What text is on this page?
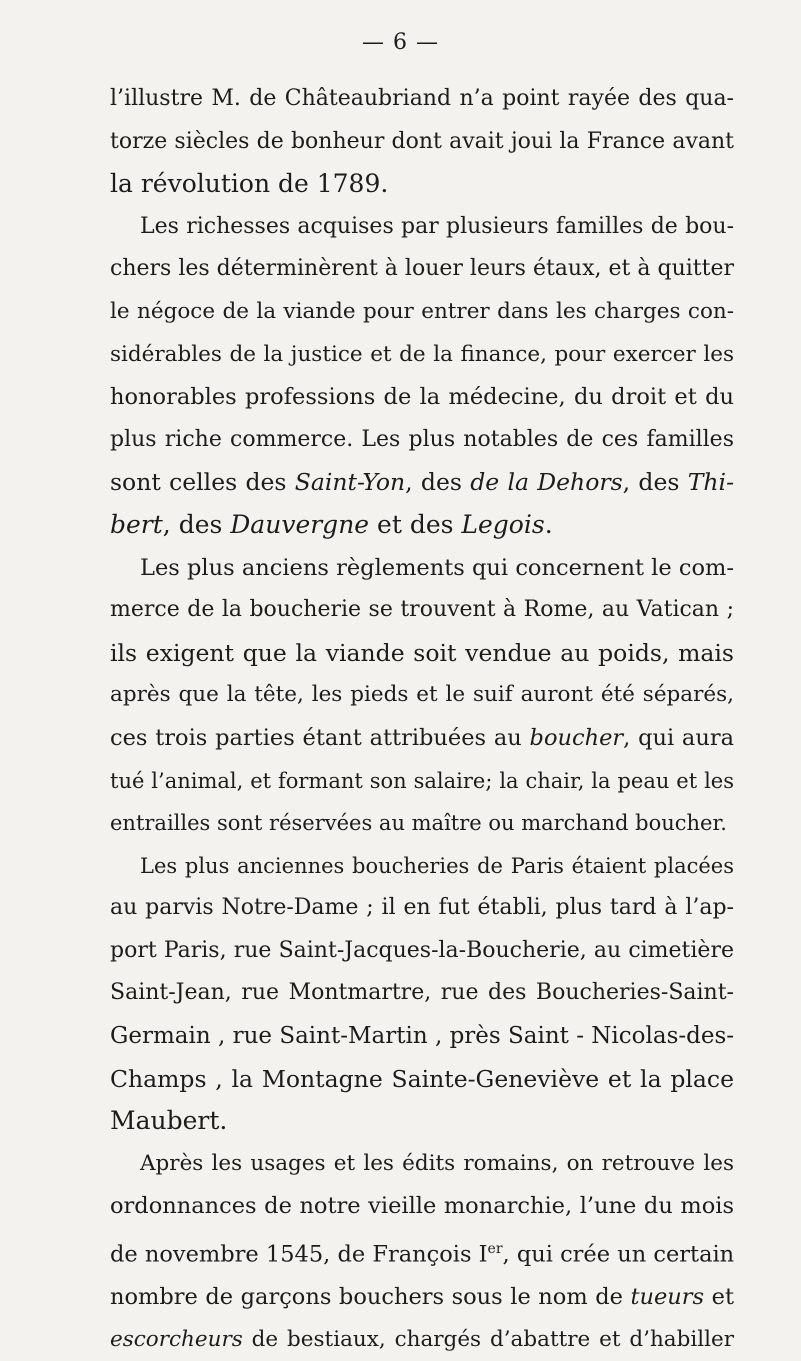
— 6 —
l’illustre M. de Châteaubriand n’a point rayée des qua-
torze siècles de bonheur dont avait joui la France avant
la révolution de 1789.
Les richesses acquises par plusieurs familles de bou-
chers les déterminèrent à louer leurs étaux, et à quitter
le négoce de la viande pour entrer dans les charges con-
sidérables de la justice et de la finance, pour exercer les
honorables professions de la médecine, du droit et du
plus riche commerce. Les plus notables de ces familles
sont celles des Saint-Yon, des de la Dehors, des Thi-
bert, des Dauvergne et des Legois.
Les plus anciens règlements qui concernent le com-
merce de la boucherie se trouvent à Rome, au Vatican ;
ils exigent que la viande soit vendue au poids, mais
après que la tête, les pieds et le suif auront été séparés,
ces trois parties étant attribuées au boucher, qui aura
tué l’animal, et formant son salaire; la chair, la peau et les
entrailles sont réservées au maître ou marchand boucher.
Les plus anciennes boucheries de Paris étaient placées
au parvis Notre-Dame ; il en fut établi, plus tard à l’ap-
port Paris, rue Saint-Jacques-la-Boucherie, au cimetière
Saint-Jean, rue Montmartre, rue des Boucheries-Saint-
Germain , rue Saint-Martin , près Saint - Nicolas-des-
Champs , la Montagne Sainte-Geneviève et la place
Maubert.
Après les usages et les édits romains, on retrouve les
ordonnances de notre vieille monarchie, l’une du mois
de novembre 1545, de François Ier, qui crée un certain
nombre de garçons bouchers sous le nom de tueurs et
escorcheurs de bestiaux, chargés d’abattre et d’habiller
